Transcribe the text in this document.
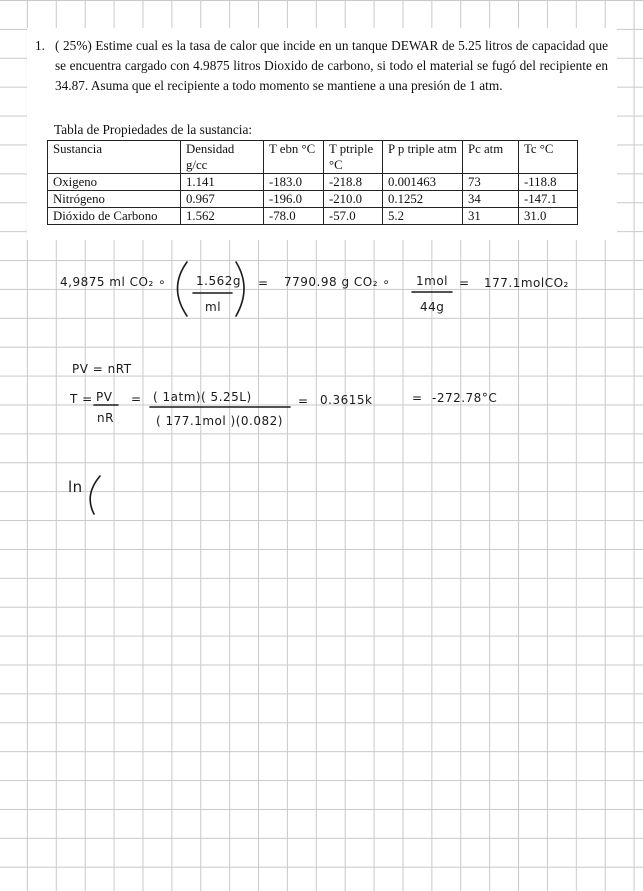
1. ( 25%) Estime cual es la tasa de calor que incide en un tanque DEWAR de 5.25 litros de capacidad que se encuentra cargado con 4.9875 litros Dioxido de carbono, si todo el material se fugó del recipiente en 34.87. Asuma que el recipiente a todo momento se mantiene a una presión de 1 atm.
Tabla de Propiedades de la sustancia:
Sustancia	Densidad g/cc	T ebn °C	T ptriple °C	P p triple atm	Pc atm	Tc °C
Oxigeno	1.141	-183.0	-218.8	0.001463	73	-118.8
Nitrógeno	0.967	-196.0	-210.0	0.1252	34	-147.1
Dióxido de Carbono	1.562	-78.0	-57.0	5.2	31	31.0
4,9875 ml CO₂ ∘ 1.562g
ml
= 7790.98 g CO₂ ∘ 1mol
44g
= 177.1molCO₂
PV = nRT
T = PV
nR
= ( 1atm)( 5.25L)
( 177.1mol )(0.082)
= 0.3615k	= -272.78°C
ln
